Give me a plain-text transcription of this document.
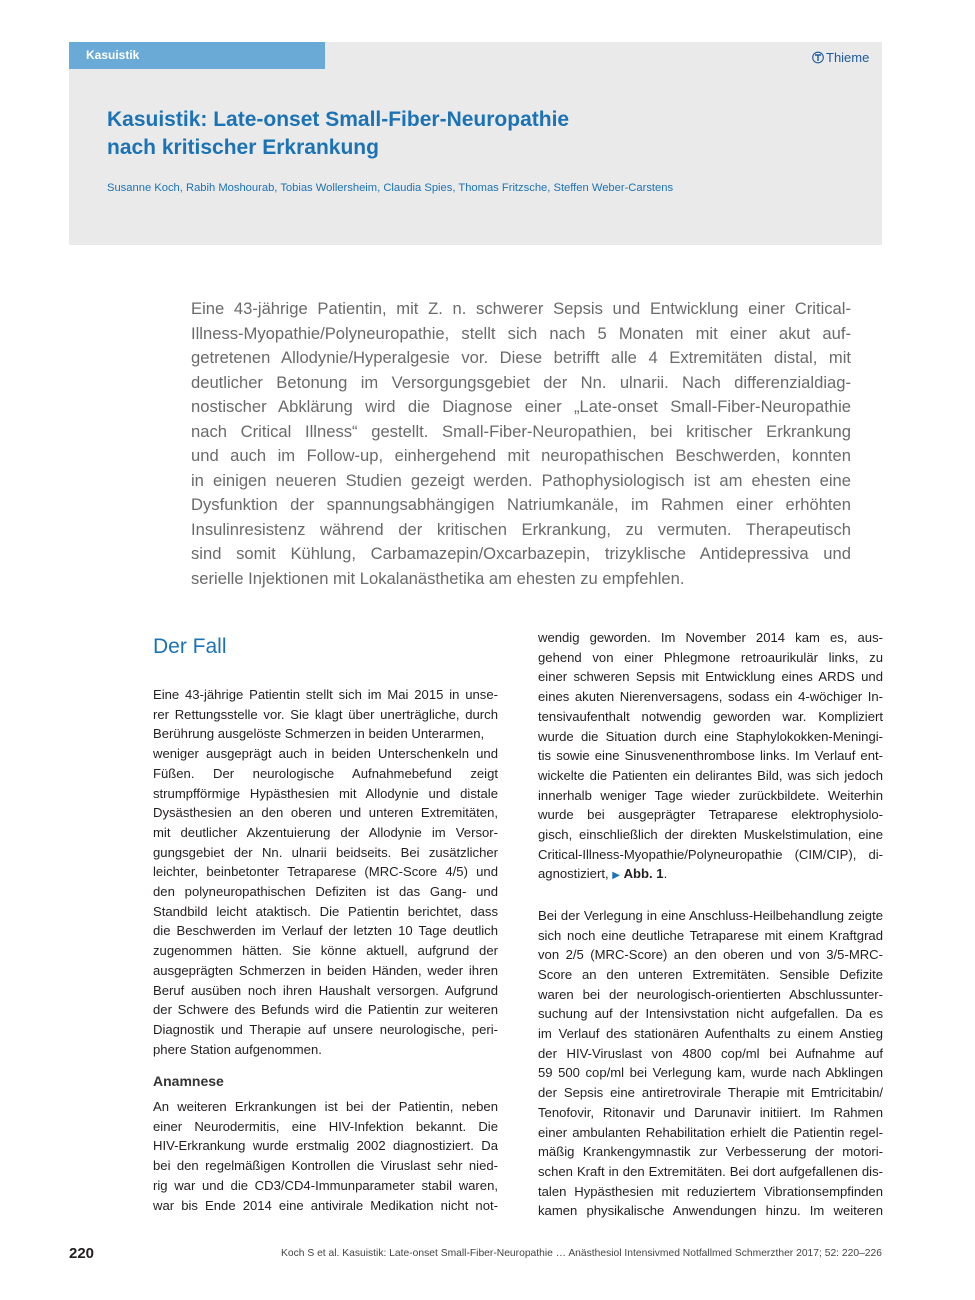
Kasuistik	Thieme
Kasuistik: Late-onset Small-Fiber-Neuropathie
nach kritischer Erkrankung

Susanne Koch, Rabih Moshourab, Tobias Wollersheim, Claudia Spies, Thomas Fritzsche, Steffen Weber-Carstens

Eine 43-jährige Patientin, mit Z. n. schwerer Sepsis und Entwicklung einer Critical-
Illness-Myopathie/Polyneuropathie, stellt sich nach 5 Monaten mit einer akut auf-
getretenen Allodynie/Hyperalgesie vor. Diese betrifft alle 4 Extremitäten distal, mit
deutlicher Betonung im Versorgungsgebiet der Nn. ulnarii. Nach differenzialdiag-
nostischer Abklärung wird die Diagnose einer „Late-onset Small-Fiber-Neuropathie
nach Critical Illness“ gestellt. Small-Fiber-Neuropathien, bei kritischer Erkrankung
und auch im Follow-up, einhergehend mit neuropathischen Beschwerden, konnten
in einigen neueren Studien gezeigt werden. Pathophysiologisch ist am ehesten eine
Dysfunktion der spannungsabhängigen Natriumkanäle, im Rahmen einer erhöhten
Insulinresistenz während der kritischen Erkrankung, zu vermuten. Therapeutisch
sind somit Kühlung, Carbamazepin/Oxcarbazepin, trizyklische Antidepressiva und
serielle Injektionen mit Lokalanästhetika am ehesten zu empfehlen.
Der Fall
Eine 43-jährige Patientin stellt sich im Mai 2015 in unse-
rer Rettungsstelle vor. Sie klagt über unerträgliche, durch
Berührung ausgelöste Schmerzen in beiden Unterarmen,
weniger ausgeprägt auch in beiden Unterschenkeln und
Füßen. Der neurologische Aufnahmebefund zeigt
strumpfförmige Hypästhesien mit Allodynie und distale
Dysästhesien an den oberen und unteren Extremitäten,
mit deutlicher Akzentuierung der Allodynie im Versor-
gungsgebiet der Nn. ulnarii beidseits. Bei zusätzlicher
leichter, beinbetonter Tetraparese (MRC-Score 4/5) und
den polyneuropathischen Defiziten ist das Gang- und
Standbild leicht ataktisch. Die Patientin berichtet, dass
die Beschwerden im Verlauf der letzten 10 Tage deutlich
zugenommen hätten. Sie könne aktuell, aufgrund der
ausgeprägten Schmerzen in beiden Händen, weder ihren
Beruf ausüben noch ihren Haushalt versorgen. Aufgrund
der Schwere des Befunds wird die Patientin zur weiteren
Diagnostik und Therapie auf unsere neurologische, peri-
phere Station aufgenommen.
Anamnese
An weiteren Erkrankungen ist bei der Patientin, neben
einer Neurodermitis, eine HIV-Infektion bekannt. Die
HIV-Erkrankung wurde erstmalig 2002 diagnostiziert. Da
bei den regelmäßigen Kontrollen die Viruslast sehr nied-
rig war und die CD3/CD4-Immunparameter stabil waren,
war bis Ende 2014 eine antivirale Medikation nicht not-
wendig geworden. Im November 2014 kam es, aus-
gehend von einer Phlegmone retroaurikulär links, zu
einer schweren Sepsis mit Entwicklung eines ARDS und
eines akuten Nierenversagens, sodass ein 4-wöchiger In-
tensivaufenthalt notwendig geworden war. Kompliziert
wurde die Situation durch eine Staphylokokken-Meningi-
tis sowie eine Sinusvenenthrombose links. Im Verlauf ent-
wickelte die Patienten ein delirantes Bild, was sich jedoch
innerhalb weniger Tage wieder zurückbildete. Weiterhin
wurde bei ausgeprägter Tetraparese elektrophysiolo-
gisch, einschließlich der direkten Muskelstimulation, eine
Critical-Illness-Myopathie/Polyneuropathie (CIM/CIP), di-
agnostiziert, ▶ Abb. 1.
Bei der Verlegung in eine Anschluss-Heilbehandlung zeigte
sich noch eine deutliche Tetraparese mit einem Kraftgrad
von 2/5 (MRC-Score) an den oberen und von 3/5-MRC-
Score an den unteren Extremitäten. Sensible Defizite
waren bei der neurologisch-orientierten Abschlussunter-
suchung auf der Intensivstation nicht aufgefallen. Da es
im Verlauf des stationären Aufenthalts zu einem Anstieg
der HIV-Viruslast von 4800 cop/ml bei Aufnahme auf
59 500 cop/ml bei Verlegung kam, wurde nach Abklingen
der Sepsis eine antiretrovirale Therapie mit Emtricitabin/
Tenofovir, Ritonavir und Darunavir initiiert. Im Rahmen
einer ambulanten Rehabilitation erhielt die Patientin regel-
mäßig Krankengymnastik zur Verbesserung der motori-
schen Kraft in den Extremitäten. Bei dort aufgefallenen dis-
talen Hypästhesien mit reduziertem Vibrationsempfinden
kamen physikalische Anwendungen hinzu. Im weiteren
220	Koch S et al. Kasuistik: Late-onset Small-Fiber-Neuropathie … Anästhesiol Intensivmed Notfallmed Schmerzther 2017; 52: 220–226
